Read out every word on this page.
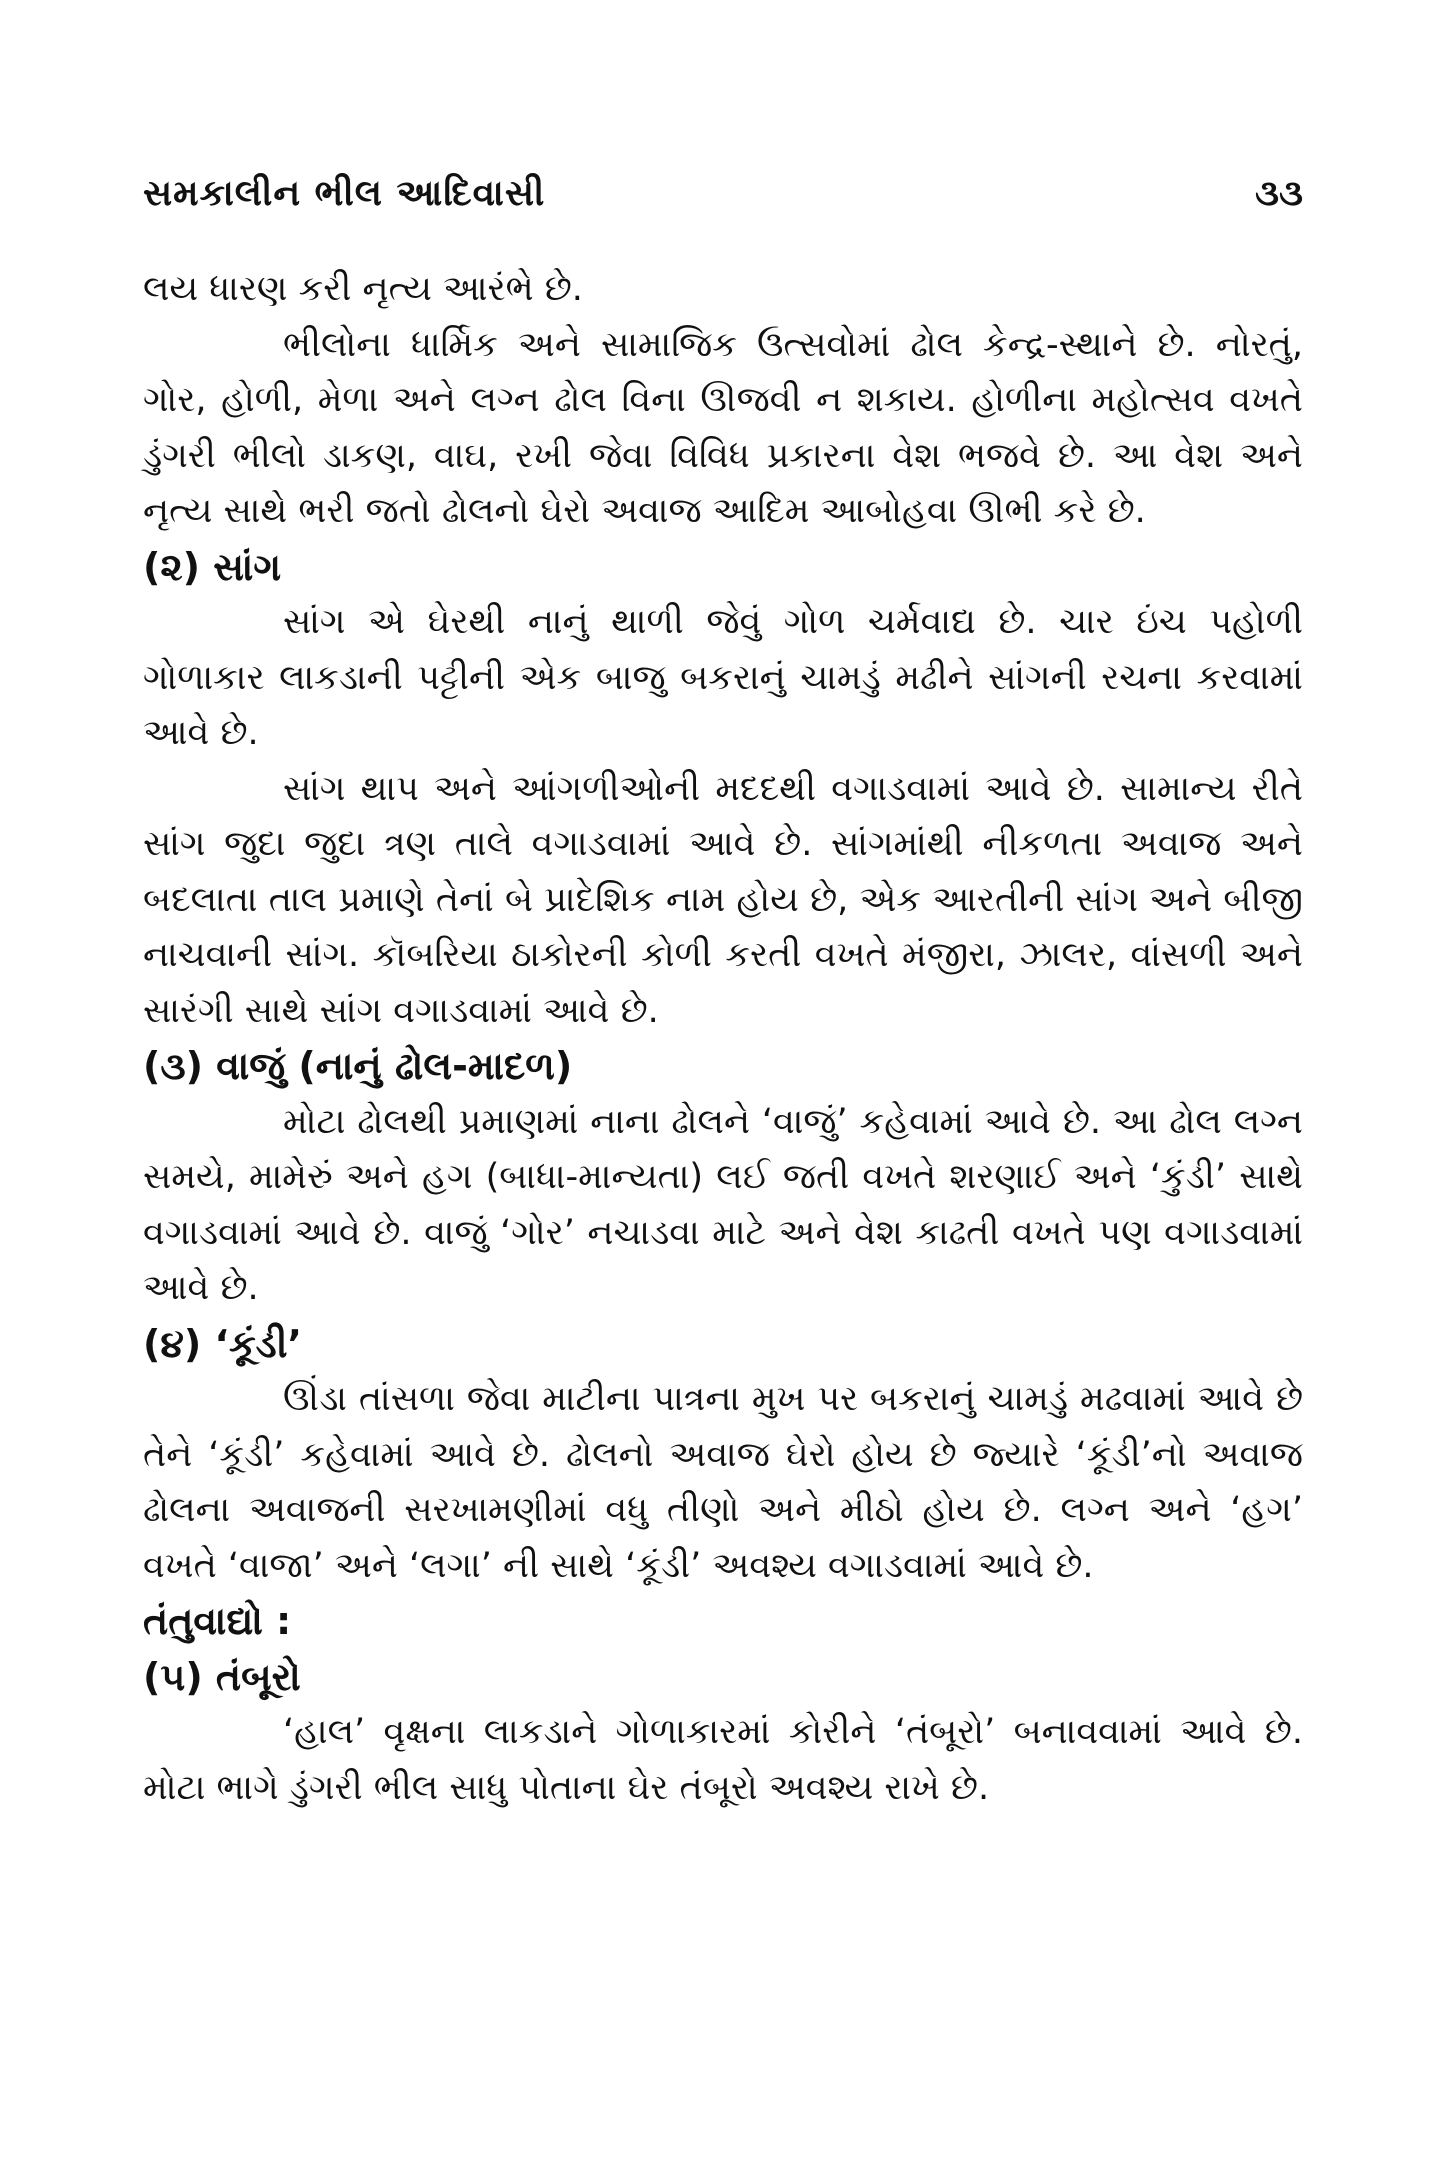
સમકાલીન ભીલ આદિવાસી	૩૩

લય ધારણ કરી નૃત્ય આરંભે છે.

ભીલોના ધાર્મિક અને સામાજિક ઉત્સવોમાં ઢોલ કેન્દ્ર-સ્થાને છે. નોરતું, ગોર, હોળી, મેળા અને લગ્ન ઢોલ વિના ઊજવી ન શકાય. હોળીના મહોત્સવ વખતે ડુંગરી ભીલો ડાકણ, વાઘ, રખી જેવા વિવિધ પ્રકારના વેશ ભજવે છે. આ વેશ અને નૃત્ય સાથે ભરી જતો ઢોલનો ઘેરો અવાજ આદિમ આબોહવા ઊભી કરે છે.

(૨) સાંગ

સાંગ એ ઘેરથી નાનું થાળી જેવું ગોળ ચર્મવાદ્ય છે. ચાર ઇંચ પહોળી ગોળાકાર લાકડાની પટ્ટીની એક બાજુ બકરાનું ચામડું મઢીને સાંગની રચના કરવામાં આવે છે.

સાંગ થાપ અને આંગળીઓની મદદથી વગાડવામાં આવે છે. સામાન્ય રીતે સાંગ જુદા જુદા ત્રણ તાલે વગાડવામાં આવે છે. સાંગમાંથી નીકળતા અવાજ અને બદલાતા તાલ પ્રમાણે તેનાં બે પ્રાદેશિક નામ હોય છે, એક આરતીની સાંગ અને બીજી નાચવાની સાંગ. કૉબરિયા ઠાકોરની કોળી કરતી વખતે મંજીરા, ઝાલર, વાંસળી અને સારંગી સાથે સાંગ વગાડવામાં આવે છે.

(૩) વાજું (નાનું ઢોલ-માદળ)

મોટા ઢોલથી પ્રમાણમાં નાના ઢોલને ‘વાજું’ કહેવામાં આવે છે. આ ઢોલ લગ્ન સમયે, મામેરું અને હગ (બાધા-માન્યતા) લઈ જતી વખતે શરણાઈ અને ‘કુંડી’ સાથે વગાડવામાં આવે છે. વાજું ‘ગોર’ નચાડવા માટે અને વેશ કાઢતી વખતે પણ વગાડવામાં આવે છે.

(૪) ‘કૂંડી’

ઊંડા તાંસળા જેવા માટીના પાત્રના મુખ પર બકરાનું ચામડું મઢવામાં આવે છે તેને ‘કૂંડી’ કહેવામાં આવે છે. ઢોલનો અવાજ ઘેરો હોય છે જ્યારે ‘કૂંડી’નો અવાજ ઢોલના અવાજની સરખામણીમાં વધુ તીણો અને મીઠો હોય છે. લગ્ન અને ‘હગ’ વખતે ‘વાજા’ અને ‘લગા’ ની સાથે ‘કૂંડી’ અવશ્ય વગાડવામાં આવે છે.

તંતુવાદ્યો :
(૫) તંબૂરો

‘હાલ’ વૃક્ષના લાકડાને ગોળાકારમાં કોરીને ‘તંબૂરો’ બનાવવામાં આવે છે. મોટા ભાગે ડુંગરી ભીલ સાધુ પોતાના ઘેર તંબૂરો અવશ્ય રાખે છે.
